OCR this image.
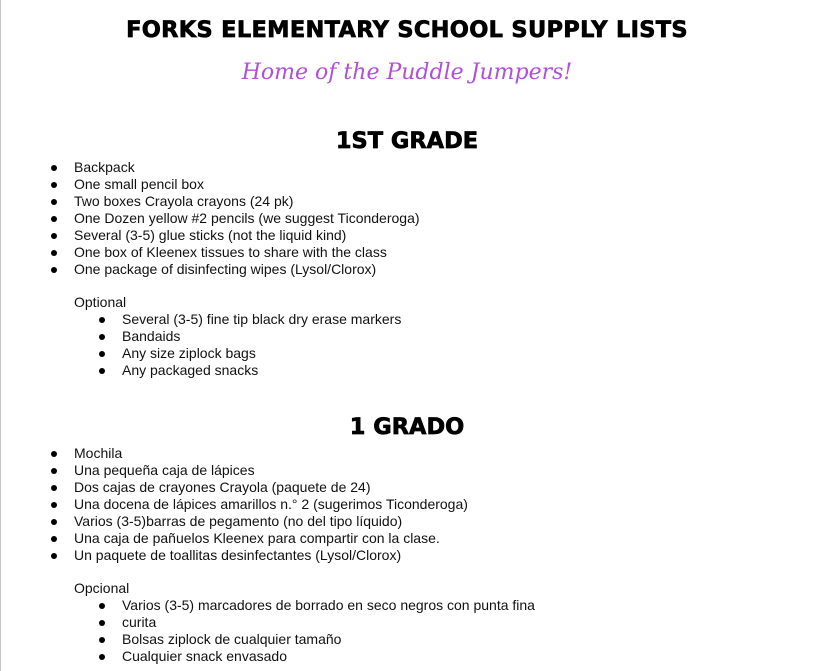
FORKS ELEMENTARY SCHOOL SUPPLY LISTS
Home of the Puddle Jumpers!
1ST GRADE
Backpack
One small pencil box
Two boxes Crayola crayons (24 pk)
One Dozen yellow #2 pencils (we suggest Ticonderoga)
Several (3-5) glue sticks (not the liquid kind)
One box of Kleenex tissues to share with the class
One package of disinfecting wipes (Lysol/Clorox)
Optional
Several (3-5) fine tip black dry erase markers
Bandaids
Any size ziplock bags
Any packaged snacks
1 GRADO
Mochila
Una pequeña caja de lápices
Dos cajas de crayones Crayola (paquete de 24)
Una docena de lápices amarillos n.° 2 (sugerimos Ticonderoga)
Varios (3-5)barras de pegamento (no del tipo líquido)
Una caja de pañuelos Kleenex para compartir con la clase.
Un paquete de toallitas desinfectantes (Lysol/Clorox)
Opcional
Varios (3-5) marcadores de borrado en seco negros con punta fina
curita
Bolsas ziplock de cualquier tamaño
Cualquier snack envasado
